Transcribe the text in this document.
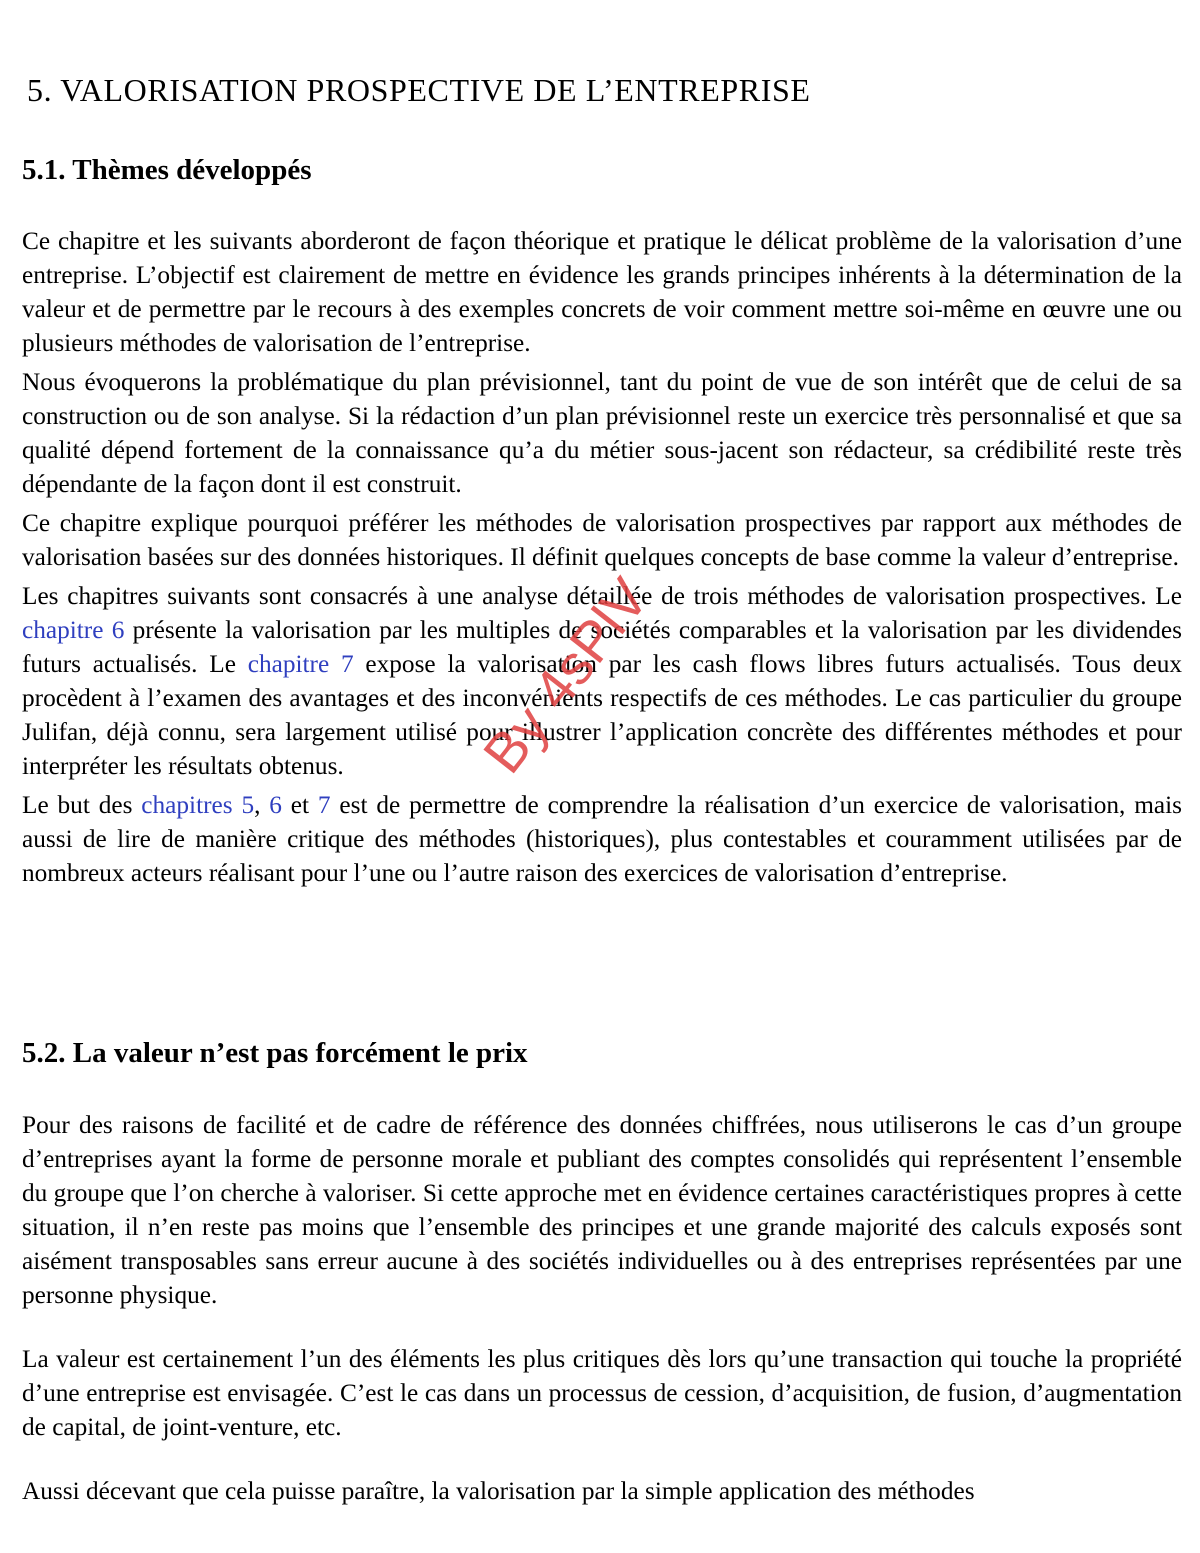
5. VALORISATION PROSPECTIVE DE L’ENTREPRISE
5.1. Thèmes développés

Ce chapitre et les suivants aborderont de façon théorique et pratique le délicat problème de la valorisation d’une entreprise. L’objectif est clairement de mettre en évidence les grands principes inhérents à la détermination de la valeur et de permettre par le recours à des exemples concrets de voir comment mettre soi-même en œuvre une ou plusieurs méthodes de valorisation de l’entreprise.

Nous évoquerons la problématique du plan prévisionnel, tant du point de vue de son intérêt que de celui de sa construction ou de son analyse. Si la rédaction d’un plan prévisionnel reste un exercice très personnalisé et que sa qualité dépend fortement de la connaissance qu’a du métier sous-jacent son rédacteur, sa crédibilité reste très dépendante de la façon dont il est construit.

Ce chapitre explique pourquoi préférer les méthodes de valorisation prospectives par rapport aux méthodes de valorisation basées sur des données historiques. Il définit quelques concepts de base comme la valeur d’entreprise.

Les chapitres suivants sont consacrés à une analyse détaillée de trois méthodes de valorisation prospectives. Le chapitre 6 présente la valorisation par les multiples de sociétés comparables et la valorisation par les dividendes futurs actualisés. Le chapitre 7 expose la valorisation par les cash flows libres futurs actualisés. Tous deux procèdent à l’examen des avantages et des inconvénients respectifs de ces méthodes. Le cas particulier du groupe Julifan, déjà connu, sera largement utilisé pour illustrer l’application concrète des différentes méthodes et pour interpréter les résultats obtenus.

Le but des chapitres 5, 6 et 7 est de permettre de comprendre la réalisation d’un exercice de valorisation, mais aussi de lire de manière critique des méthodes (historiques), plus contestables et couramment utilisées par de nombreux acteurs réalisant pour l’une ou l’autre raison des exercices de valorisation d’entreprise.

5.2. La valeur n’est pas forcément le prix

Pour des raisons de facilité et de cadre de référence des données chiffrées, nous utiliserons le cas d’un groupe d’entreprises ayant la forme de personne morale et publiant des comptes consolidés qui représentent l’ensemble du groupe que l’on cherche à valoriser. Si cette approche met en évidence certaines caractéristiques propres à cette situation, il n’en reste pas moins que l’ensemble des principes et une grande majorité des calculs exposés sont aisément transposables sans erreur aucune à des sociétés individuelles ou à des entreprises représentées par une personne physique.

La valeur est certainement l’un des éléments les plus critiques dès lors qu’une transaction qui touche la propriété d’une entreprise est envisagée. C’est le cas dans un processus de cession, d’acquisition, de fusion, d’augmentation de capital, de joint-venture, etc.

Aussi décevant que cela puisse paraître, la valorisation par la simple application des méthodes

By 4sPlV
